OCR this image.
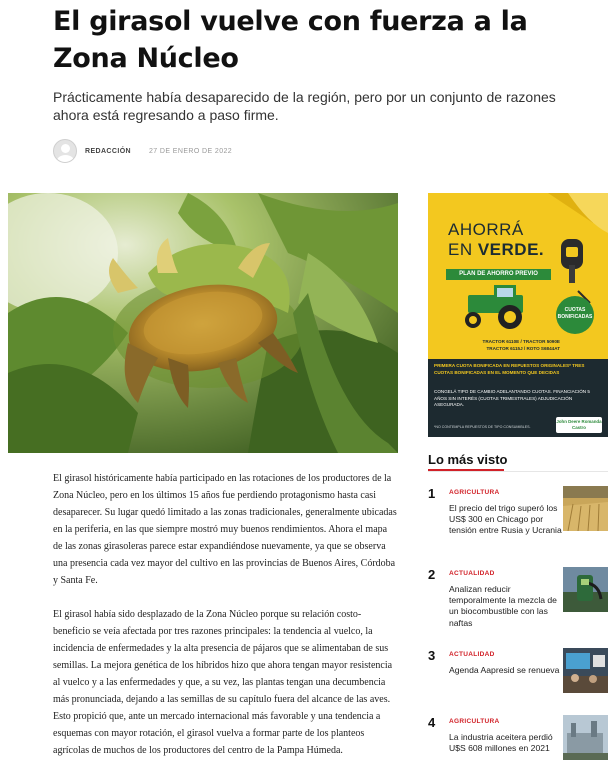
El girasol vuelve con fuerza a la Zona Núcleo

Prácticamente había desaparecido de la región, pero por un conjunto de razones ahora está regresando a paso firme.

REDACCIÓN	27 DE ENERO DE 2022

El girasol históricamente había participado en las rotaciones de los productores de la Zona Núcleo, pero en los últimos 15 años fue perdiendo protagonismo hasta casi desaparecer. Su lugar quedó limitado a las zonas tradicionales, generalmente ubicadas en la periferia, en las que siempre mostró muy buenos rendimientos. Ahora el mapa de las zonas girasoleras parece estar expandiéndose nuevamente, ya que se observa una presencia cada vez mayor del cultivo en las provincias de Buenos Aires, Córdoba y Santa Fe.

El girasol había sido desplazado de la Zona Núcleo porque su relación costo-beneficio se veía afectada por tres razones principales: la tendencia al vuelco, la incidencia de enfermedades y la alta presencia de pájaros que se alimentaban de sus semillas. La mejora genética de los híbridos hizo que ahora tengan mayor resistencia al vuelco y a las enfermedades y que, a su vez, las plantas tengan una decumbencia más pronunciada, dejando a las semillas de su capítulo fuera del alcance de las aves. Esto propició que, ante un mercado internacional más favorable y una tendencia a esquemas con mayor rotación, el girasol vuelva a formar parte de los planteos agrícolas de muchos de los productores del centro de la Pampa Húmeda.

AHORRÁ
EN VERDE.
PLAN DE AHORRO PREVIO
CUOTAS BONIFICADAS
TRACTOR 6110E / TRACTOR 5090E TRACTOR 6115J / ROTO S6844AT
PRIMERA CUOTA BONIFICADA EN REPUESTOS ORIGINALES* TRES CUOTAS BONIFICADAS EN EL MOMENTO QUE DECIDAS
CONGELÁ TIPO DE CAMBIO ADELANTANDO CUOTAS. FINANCIACIÓN 5 AÑOS SIN INTERÉS (CUOTAS TRIMESTRALES) ADJUDICACIÓN ASEGURADA.
*NO CONTEMPLA REPUESTOS DE TIPO CONSUMIBLES.
John Deere Romanda Castro
Lo más visto
1 AGRICULTURA
El precio del trigo superó los US$ 300 en Chicago por tensión entre Rusia y Ucrania
2 ACTUALIDAD
Analizan reducir temporalmente la mezcla de un biocombustible con las naftas
3 ACTUALIDAD
Agenda Aapresid se renueva
4 AGRICULTURA
La industria aceitera perdió U$S 608 millones en 2021
